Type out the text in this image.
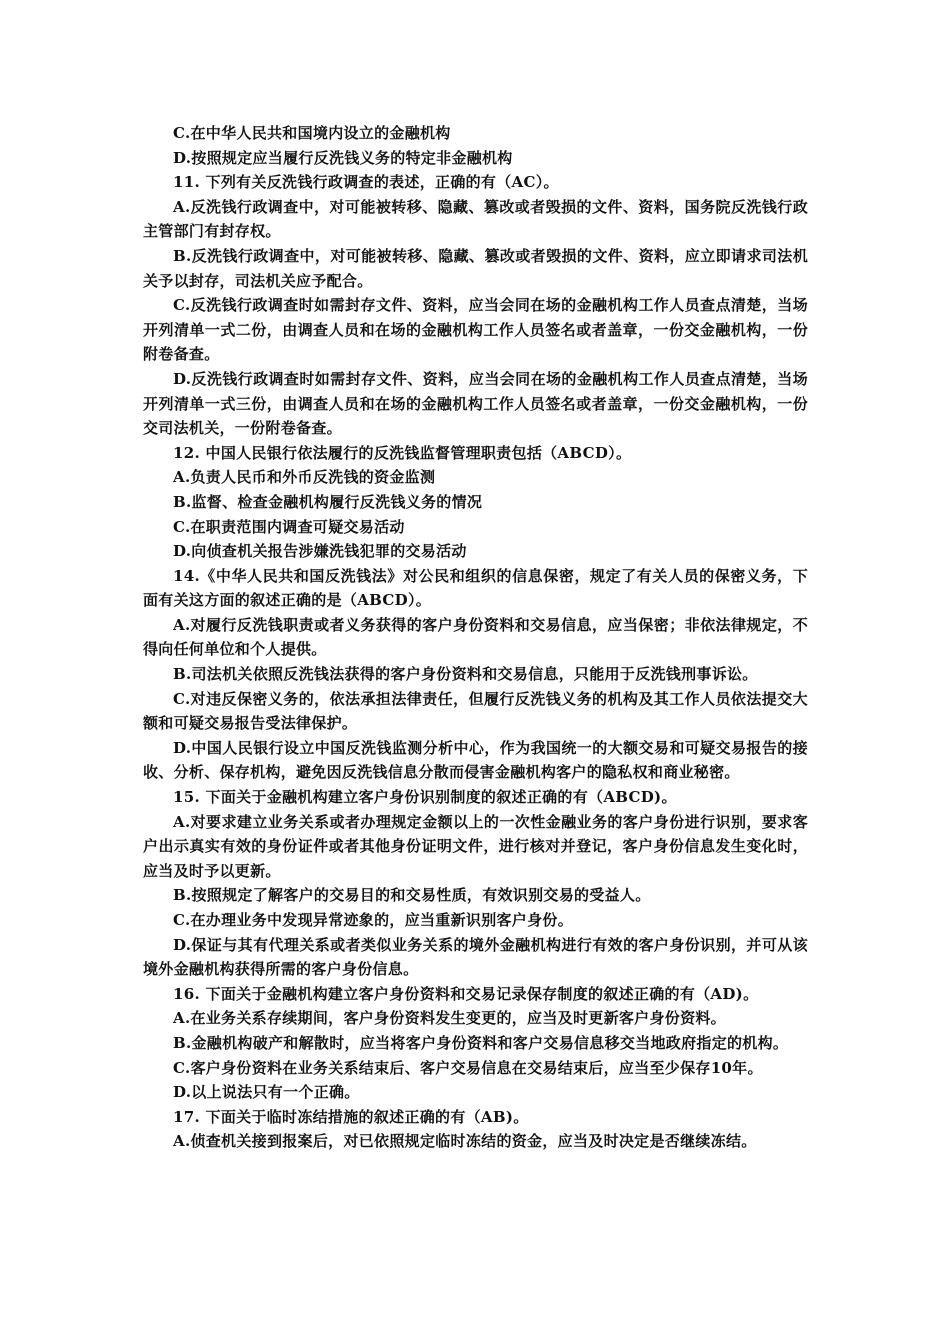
C.在中华人民共和国境内设立的金融机构

D.按照规定应当履行反洗钱义务的特定非金融机构

11. 下列有关反洗钱行政调查的表述，正确的有（AC）。

A.反洗钱行政调查中，对可能被转移、隐藏、篡改或者毁损的文件、资料，国务院反洗钱行政主管部门有封存权。

B.反洗钱行政调查中，对可能被转移、隐藏、篡改或者毁损的文件、资料，应立即请求司法机关予以封存，司法机关应予配合。

C.反洗钱行政调查时如需封存文件、资料，应当会同在场的金融机构工作人员查点清楚，当场开列清单一式二份，由调查人员和在场的金融机构工作人员签名或者盖章，一份交金融机构，一份附卷备查。

D.反洗钱行政调查时如需封存文件、资料，应当会同在场的金融机构工作人员查点清楚，当场开列清单一式三份，由调查人员和在场的金融机构工作人员签名或者盖章，一份交金融机构，一份交司法机关，一份附卷备查。

12. 中国人民银行依法履行的反洗钱监督管理职责包括（ABCD）。

A.负责人民币和外币反洗钱的资金监测

B.监督、检查金融机构履行反洗钱义务的情况

C.在职责范围内调查可疑交易活动

D.向侦查机关报告涉嫌洗钱犯罪的交易活动

14.《中华人民共和国反洗钱法》对公民和组织的信息保密，规定了有关人员的保密义务，下面有关这方面的叙述正确的是（ABCD）。

A.对履行反洗钱职责或者义务获得的客户身份资料和交易信息，应当保密；非依法律规定，不得向任何单位和个人提供。

B.司法机关依照反洗钱法获得的客户身份资料和交易信息，只能用于反洗钱刑事诉讼。

C.对违反保密义务的，依法承担法律责任，但履行反洗钱义务的机构及其工作人员依法提交大额和可疑交易报告受法律保护。

D.中国人民银行设立中国反洗钱监测分析中心，作为我国统一的大额交易和可疑交易报告的接收、分析、保存机构，避免因反洗钱信息分散而侵害金融机构客户的隐私权和商业秘密。

15. 下面关于金融机构建立客户身份识别制度的叙述正确的有（ABCD)。

A.对要求建立业务关系或者办理规定金额以上的一次性金融业务的客户身份进行识别，要求客户出示真实有效的身份证件或者其他身份证明文件，进行核对并登记，客户身份信息发生变化时，应当及时予以更新。

B.按照规定了解客户的交易目的和交易性质，有效识别交易的受益人。

C.在办理业务中发现异常迹象的，应当重新识别客户身份。

D.保证与其有代理关系或者类似业务关系的境外金融机构进行有效的客户身份识别，并可从该境外金融机构获得所需的客户身份信息。

16. 下面关于金融机构建立客户身份资料和交易记录保存制度的叙述正确的有（AD)。

A.在业务关系存续期间，客户身份资料发生变更的，应当及时更新客户身份资料。

B.金融机构破产和解散时，应当将客户身份资料和客户交易信息移交当地政府指定的机构。

C.客户身份资料在业务关系结束后、客户交易信息在交易结束后，应当至少保存10年。

D.以上说法只有一个正确。

17. 下面关于临时冻结措施的叙述正确的有（AB)。

A.侦查机关接到报案后，对已依照规定临时冻结的资金，应当及时决定是否继续冻结。
